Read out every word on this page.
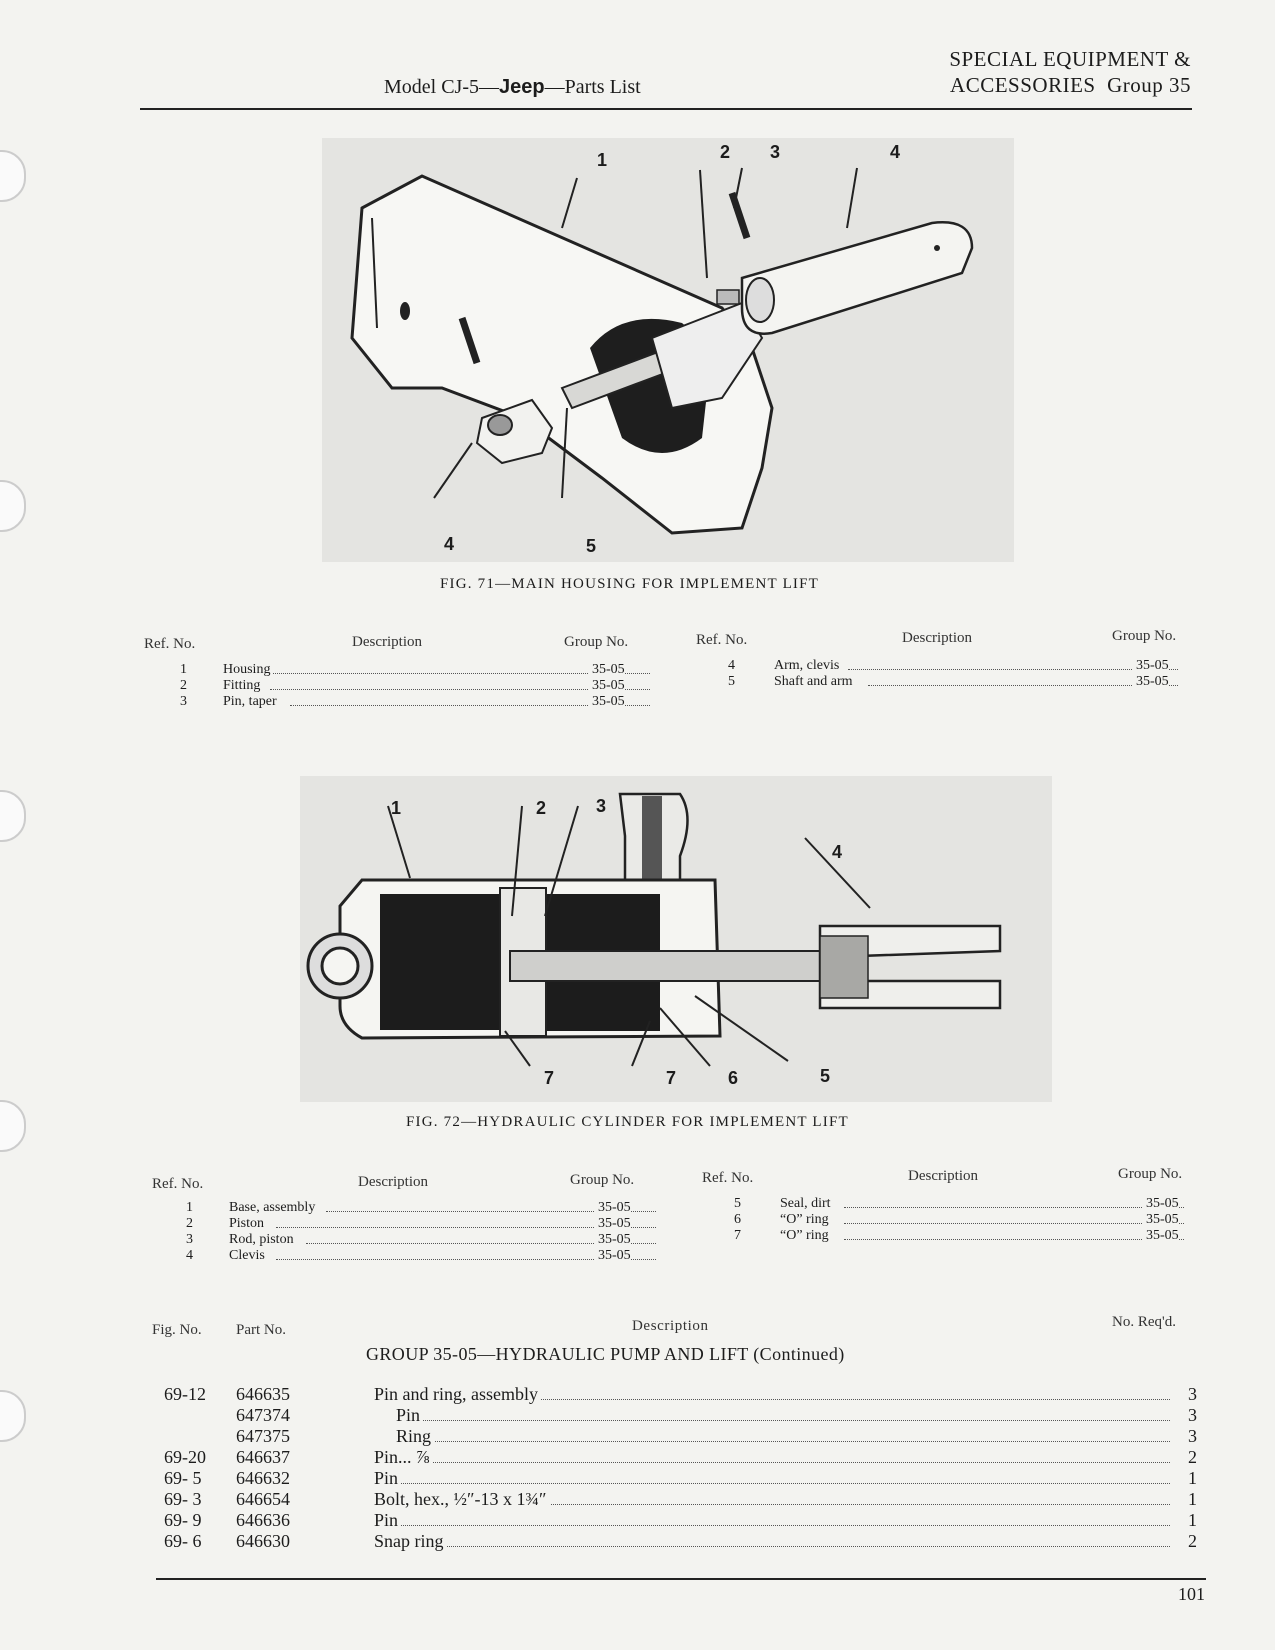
Model CJ-5—Jeep—Parts List
SPECIAL EQUIPMENT &
ACCESSORIES  Group 35
1	2 3	4
4	5
FIG. 71—MAIN HOUSING FOR IMPLEMENT LIFT
Ref. No.	Description	Group No.	Ref. No.	Description	Group No.
1	Housing	35-05
2	Fitting	35-05
3	Pin, taper	35-05
4	Arm, clevis	35-05
5	Shaft and arm	35-05
1	2	3
4
7	7	6	5
FIG. 72—HYDRAULIC CYLINDER FOR IMPLEMENT LIFT
Ref. No.	Description	Group No.	Ref. No.	Description	Group No.
1	Base, assembly	35-05
2	Piston	35-05
3	Rod, piston	35-05
4	Clevis	35-05
5	Seal, dirt	35-05
6	“O” ring	35-05
7	“O” ring	35-05
Fig. No. Part No.	Description	No. Req'd.
GROUP 35-05—HYDRAULIC PUMP AND LIFT (Continued)
69-12 646635	Pin and ring, assembly	3
647374	Pin	3
647375	Ring	3
69-20 646637	Pin... ⅞	2
69- 5 646632	Pin	1
69- 3 646654	Bolt, hex., ½″-13 x 1¾″	1
69- 9 646636	Pin	1
69- 6 646630	Snap ring	2
101
